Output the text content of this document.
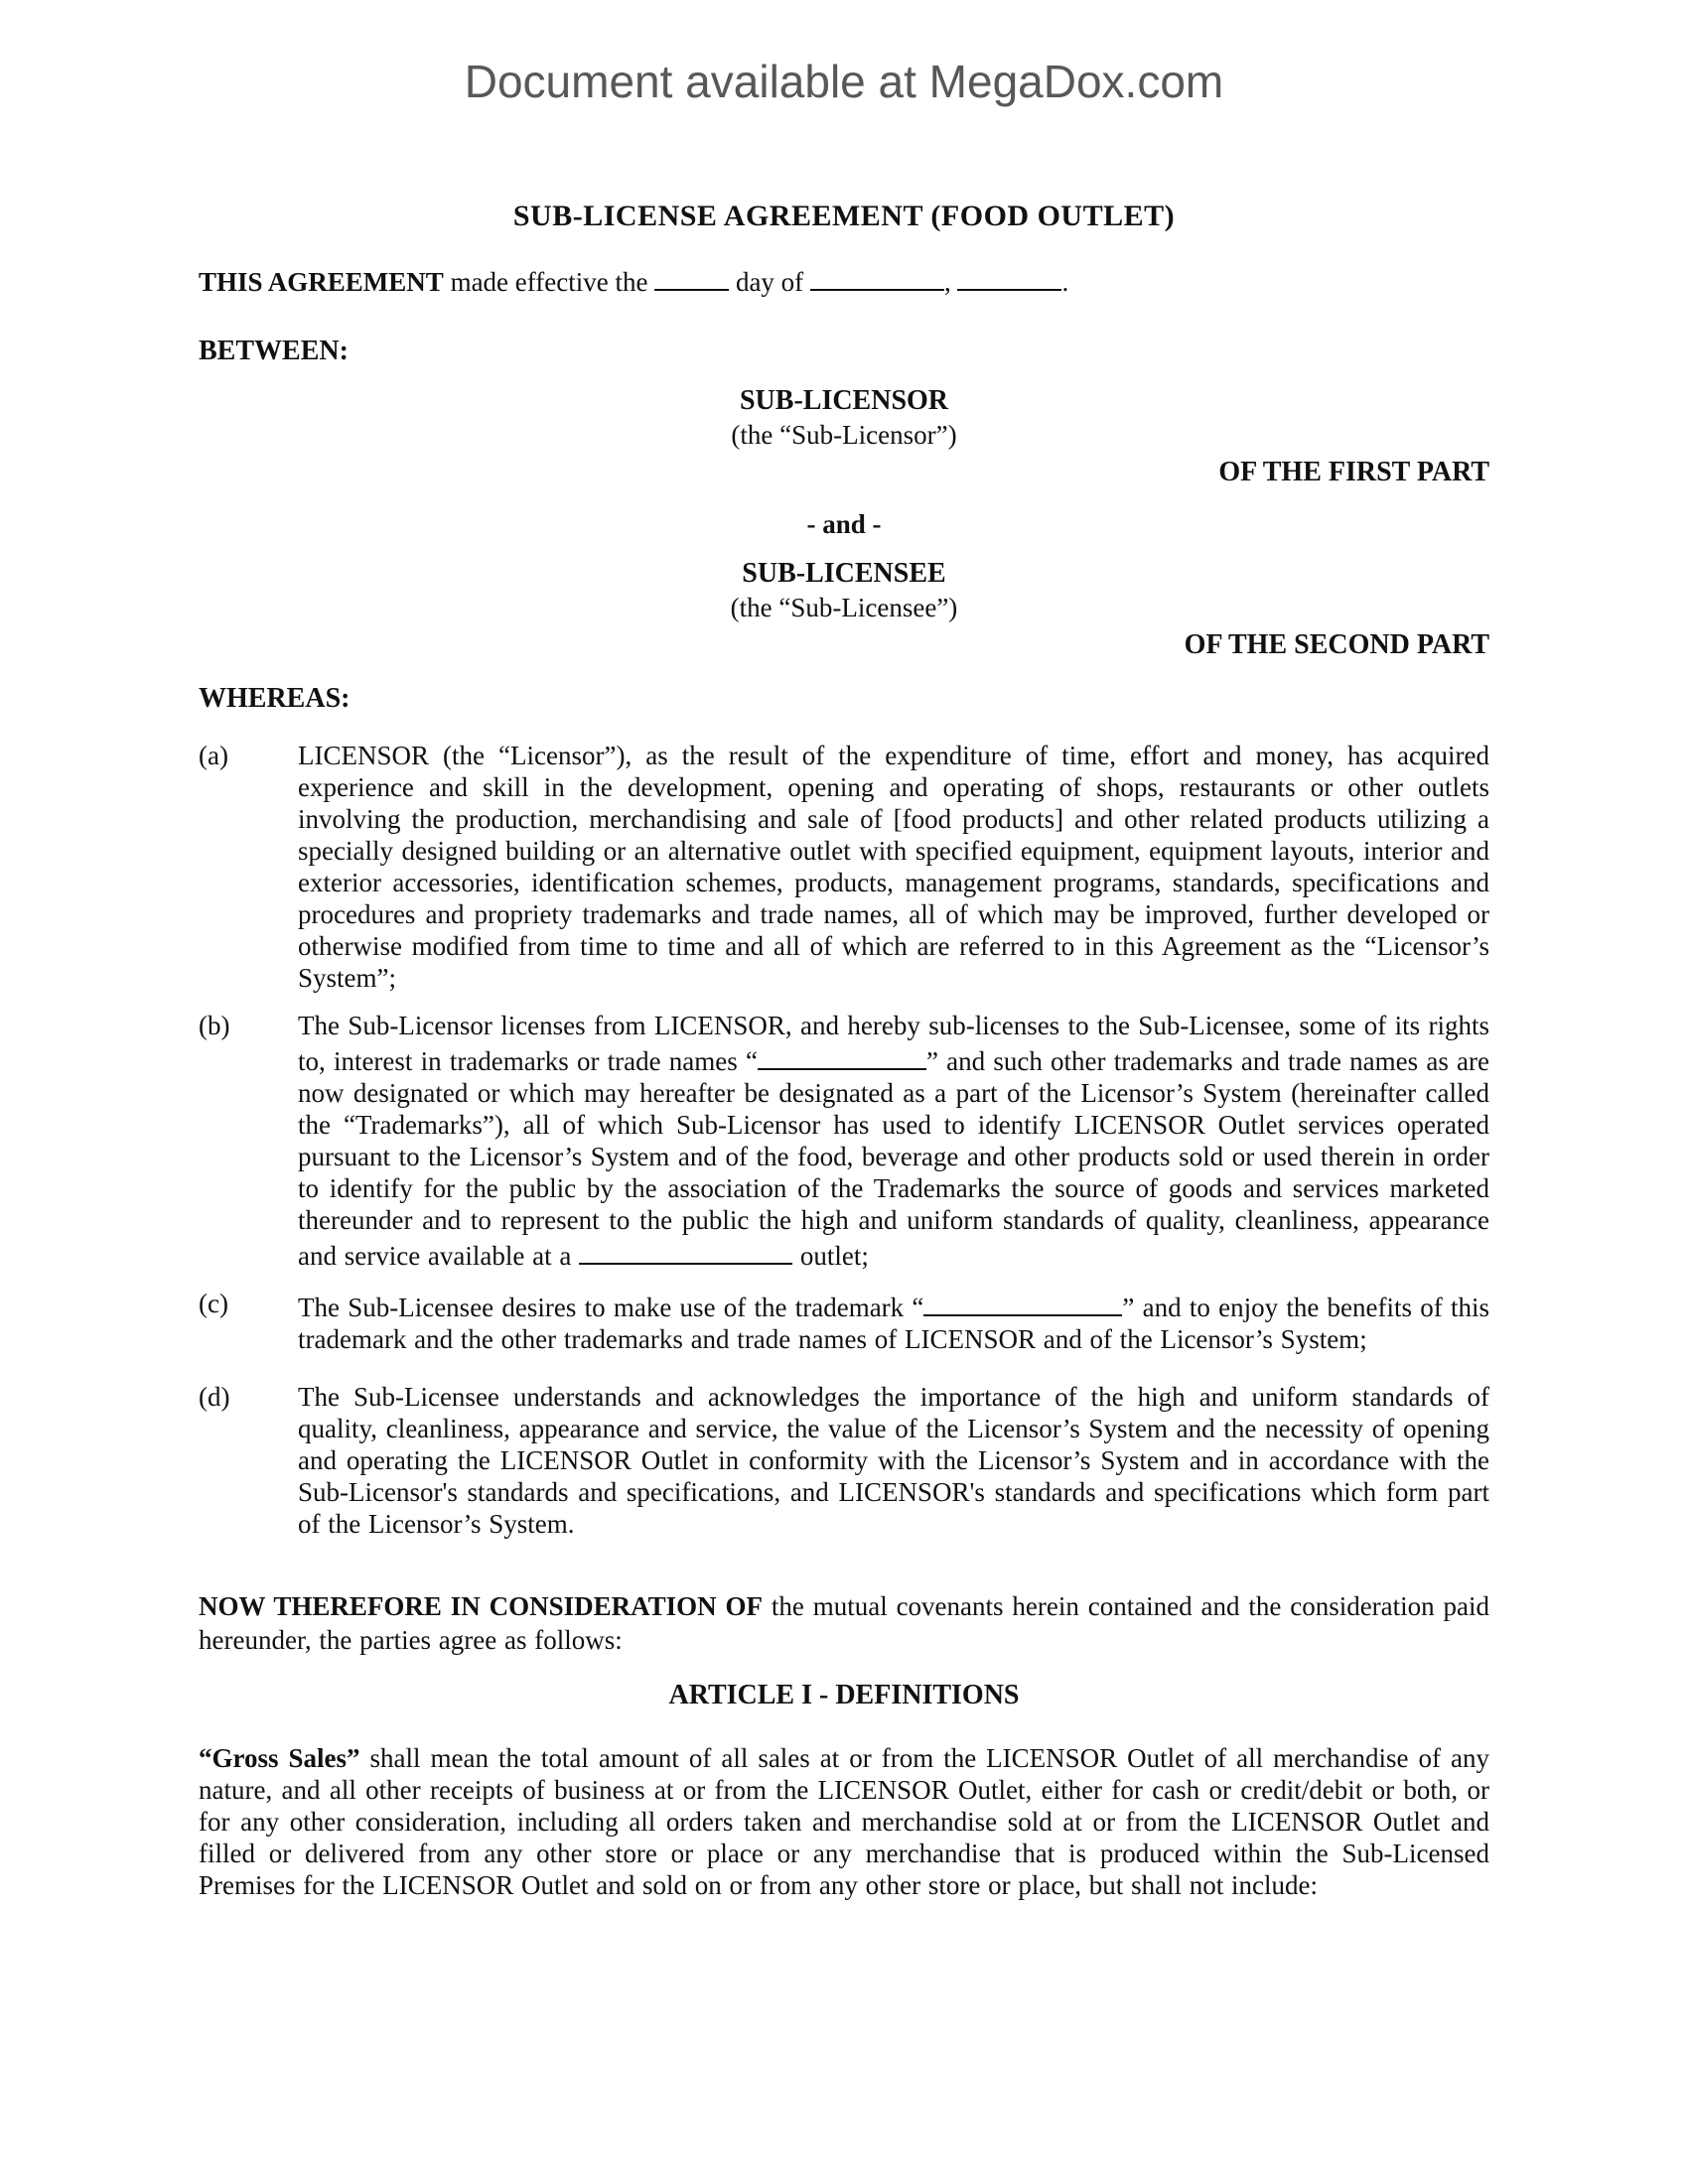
Document available at MegaDox.com
SUB-LICENSE AGREEMENT (FOOD OUTLET)
THIS AGREEMENT made effective the	day of	,	.
BETWEEN:
SUB-LICENSOR
(the “Sub-Licensor”)
OF THE FIRST PART
- and -
SUB-LICENSEE
(the “Sub-Licensee”)
OF THE SECOND PART
WHEREAS:
(a)	LICENSOR (the “Licensor”), as the result of the expenditure of time, effort and money, has acquired experience and skill in the development, opening and operating of shops, restaurants or other outlets involving the production, merchandising and sale of [food products] and other related products utilizing a specially designed building or an alternative outlet with specified equipment, equipment layouts, interior and exterior accessories, identification schemes, products, management programs, standards, specifications and procedures and propriety trademarks and trade names, all of which may be improved, further developed or otherwise modified from time to time and all of which are referred to in this Agreement as the “Licensor’s System”;
(b)	The Sub-Licensor licenses from LICENSOR, and hereby sub-licenses to the Sub-Licensee, some of its rights to, interest in trademarks or trade names “	” and such other trademarks and trade names as are now designated or which may hereafter be designated as a part of the Licensor’s System (hereinafter called the “Trademarks”), all of which Sub-Licensor has used to identify LICENSOR Outlet services operated pursuant to the Licensor’s System and of the food, beverage and other products sold or used therein in order to identify for the public by the association of the Trademarks the source of goods and services marketed thereunder and to represent to the public the high and uniform standards of quality, cleanliness, appearance and service available at a	outlet;
(c)	The Sub-Licensee desires to make use of the trademark “	” and to enjoy the benefits of this trademark and the other trademarks and trade names of LICENSOR and of the Licensor’s System;
(d)	The Sub-Licensee understands and acknowledges the importance of the high and uniform standards of quality, cleanliness, appearance and service, the value of the Licensor’s System and the necessity of opening and operating the LICENSOR Outlet in conformity with the Licensor’s System and in accordance with the Sub-Licensor's standards and specifications, and LICENSOR's standards and specifications which form part of the Licensor’s System.
NOW THEREFORE IN CONSIDERATION OF the mutual covenants herein contained and the consideration paid hereunder, the parties agree as follows:
ARTICLE I - DEFINITIONS
“Gross Sales” shall mean the total amount of all sales at or from the LICENSOR Outlet of all merchandise of any nature, and all other receipts of business at or from the LICENSOR Outlet, either for cash or credit/debit or both, or for any other consideration, including all orders taken and merchandise sold at or from the LICENSOR Outlet and filled or delivered from any other store or place or any merchandise that is produced within the Sub-Licensed Premises for the LICENSOR Outlet and sold on or from any other store or place, but shall not include:
